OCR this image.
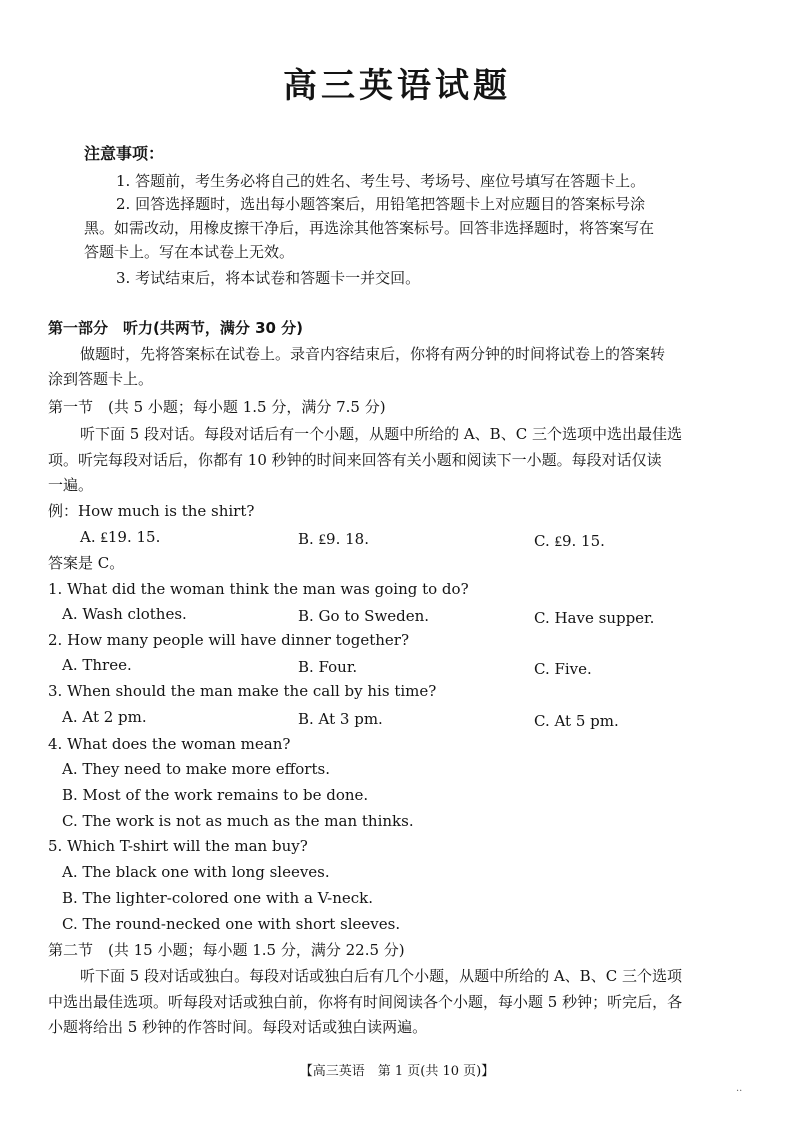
高三英语试题
注意事项：
1. 答题前，考生务必将自己的姓名、考生号、考场号、座位号填写在答题卡上。
2. 回答选择题时，选出每小题答案后，用铅笔把答题卡上对应题目的答案标号涂
黑。如需改动，用橡皮擦干净后，再选涂其他答案标号。回答非选择题时，将答案写在
答题卡上。写在本试卷上无效。
3. 考试结束后，将本试卷和答题卡一并交回。
第一部分　听力(共两节，满分 30 分)
做题时，先将答案标在试卷上。录音内容结束后，你将有两分钟的时间将试卷上的答案转
涂到答题卡上。
第一节　(共 5 小题；每小题 1.5 分，满分 7.5 分)
听下面 5 段对话。每段对话后有一个小题，从题中所给的 A、B、C 三个选项中选出最佳选
项。听完每段对话后，你都有 10 秒钟的时间来回答有关小题和阅读下一小题。每段对话仅读
一遍。
例：How much is the shirt?
A. ₤19. 15.	B. ₤9. 18.	C. ₤9. 15.
答案是 C。
1. What did the woman think the man was going to do?
A. Wash clothes.	B. Go to Sweden.	C. Have supper.
2. How many people will have dinner together?
A. Three.	B. Four.	C. Five.
3. When should the man make the call by his time?
A. At 2 pm.	B. At 3 pm.	C. At 5 pm.
4. What does the woman mean?
A. They need to make more efforts.
B. Most of the work remains to be done.
C. The work is not as much as the man thinks.
5. Which T-shirt will the man buy?
A. The black one with long sleeves.
B. The lighter-colored one with a V-neck.
C. The round-necked one with short sleeves.
第二节　(共 15 小题；每小题 1.5 分，满分 22.5 分)
听下面 5 段对话或独白。每段对话或独白后有几个小题，从题中所给的 A、B、C 三个选项
中选出最佳选项。听每段对话或独白前，你将有时间阅读各个小题，每小题 5 秒钟；听完后，各
小题将给出 5 秒钟的作答时间。每段对话或独白读两遍。
【高三英语　第 1 页(共 10 页)】
··
